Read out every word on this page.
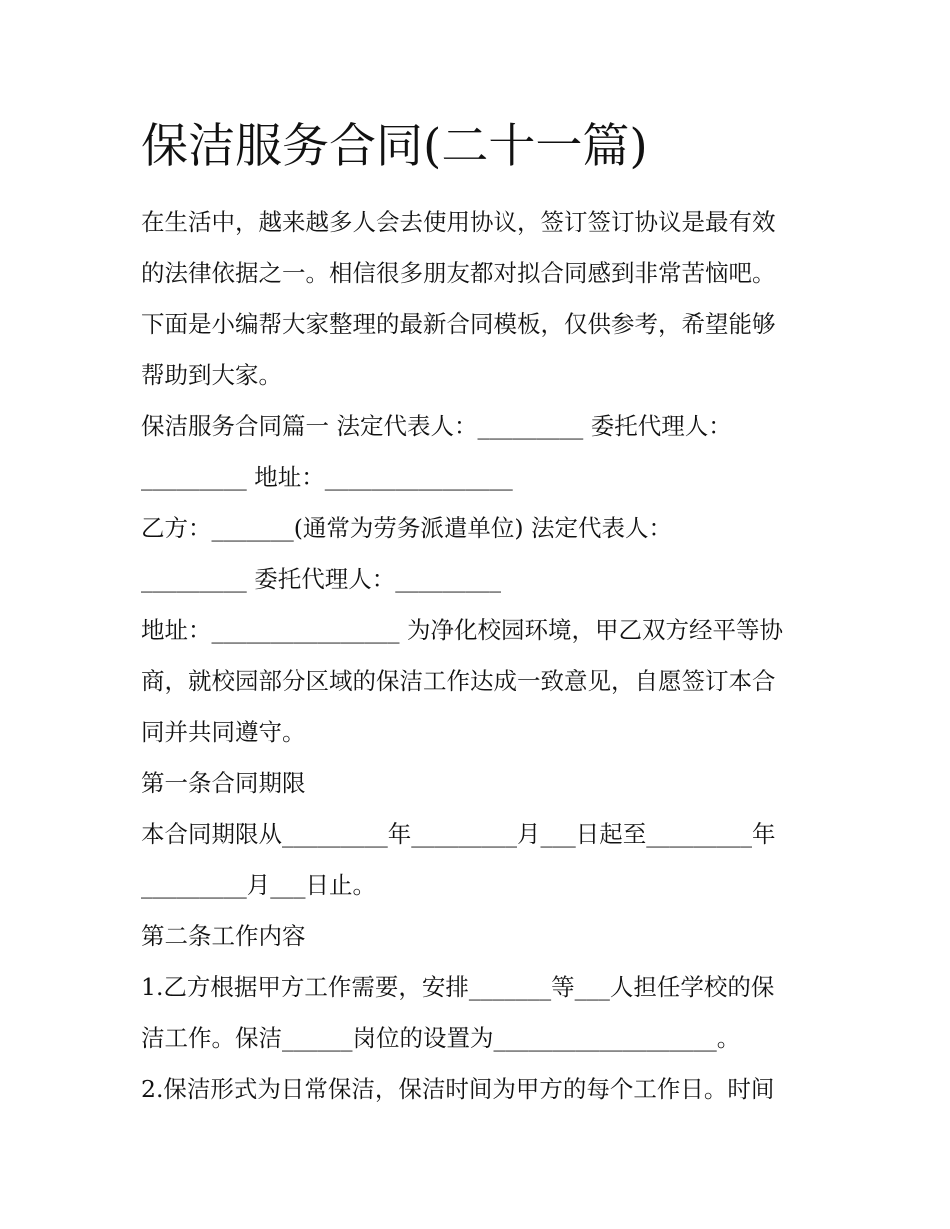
保洁服务合同(二十一篇)
在生活中，越来越多人会去使用协议，签订签订协议是最有效
的法律依据之一。相信很多朋友都对拟合同感到非常苦恼吧。
下面是小编帮大家整理的最新合同模板，仅供参考，希望能够
帮助到大家。
保洁服务合同篇一 法定代表人：_________ 委托代理人：
_________ 地址：________________
乙方：_______(通常为劳务派遣单位) 法定代表人：
_________ 委托代理人：_________
地址：________________ 为净化校园环境，甲乙双方经平等协
商，就校园部分区域的保洁工作达成一致意见，自愿签订本合
同并共同遵守。
第一条合同期限
本合同期限从_________年_________月___日起至_________年
_________月___日止。
第二条工作内容
1.乙方根据甲方工作需要，安排_______等___人担任学校的保
洁工作。保洁______岗位的设置为___________________。
2.保洁形式为日常保洁，保洁时间为甲方的每个工作日。时间
